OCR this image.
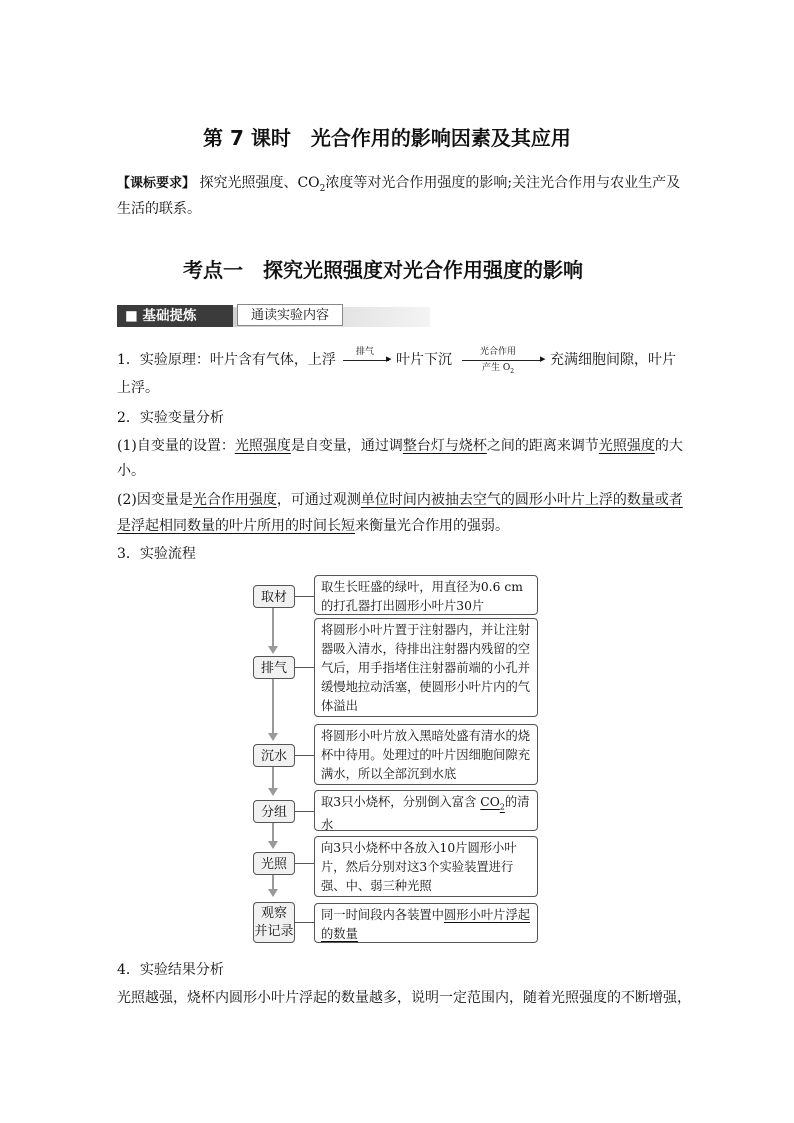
第 7 课时　光合作用的影响因素及其应用
【课标要求】 探究光照强度、$CO_2$浓度等对光合作用强度的影响;关注光合作用与农业生产及
生活的联系。
考点一　探究光照强度对光合作用强度的影响
■ 基础提炼	通读实验内容
1．实验原理：叶片含有气体，上浮 排气 ▸ 叶片下沉	光合作用
产生 $O_2$
▸ 充满细胞间隙，叶片
上浮。
2．实验变量分析
(1)自变量的设置：光照强度是自变量，通过调整台灯与烧杯之间的距离来调节光照强度的大
小。
(2)因变量是光合作用强度，可通过观测单位时间内被抽去空气的圆形小叶片上浮的数量或者
是浮起相同数量的叶片所用的时间长短来衡量光合作用的强弱。
3．实验流程
取材
取生长旺盛的绿叶，用直径为0.6 cm的打孔器打出圆形小叶片30片
排气
将圆形小叶片置于注射器内，并让注射器吸入清水，待排出注射器内残留的空气后，用手指堵住注射器前端的小孔并缓慢地拉动活塞，使圆形小叶片内的气体溢出
沉水
将圆形小叶片放入黑暗处盛有清水的烧杯中待用。处理过的叶片因细胞间隙充满水，所以全部沉到水底
分组
取3只小烧杯，分别倒入富含 $CO_2$的清水
光照
向3只小烧杯中各放入10片圆形小叶片，然后分别对这3个实验装置进行强、中、弱三种光照
观察
并记录
同一时间段内各装置中圆形小叶片浮起的数量
4．实验结果分析
光照越强，烧杯内圆形小叶片浮起的数量越多，说明一定范围内，随着光照强度的不断增强，
